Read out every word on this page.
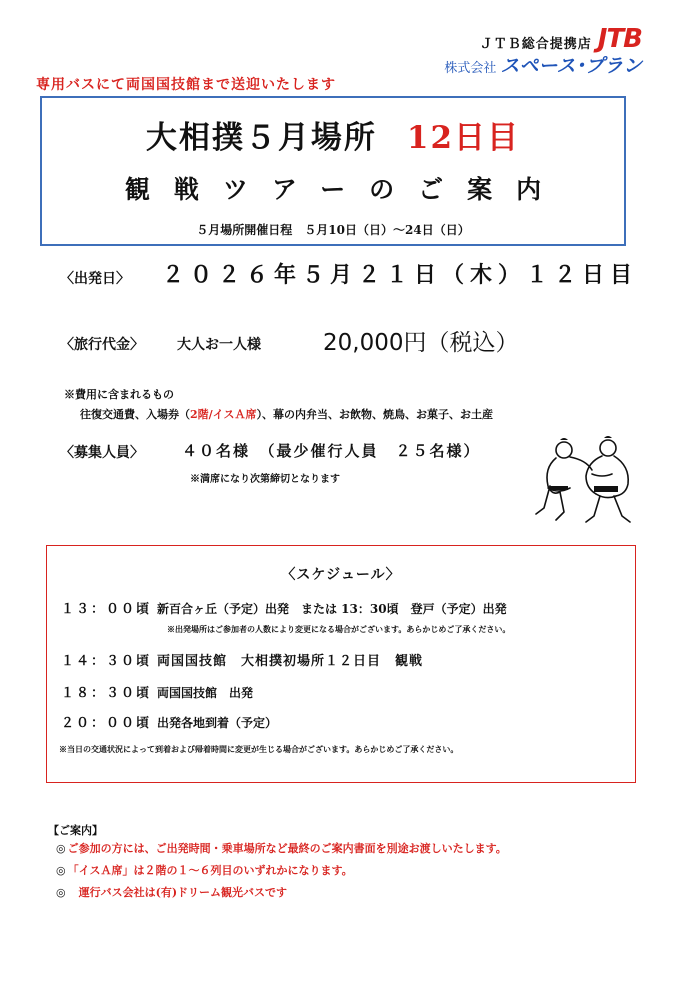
ＪＴＢ総合提携店 JTB
株式会社 スペース･プラン
専用バスにて両国国技館まで送迎いたします
大相撲５月場所 12日目
観戦ツアーのご案内
５月場所開催日程　５月10日（日）～24日（日）
〈出発日〉 ２０２６年５月２１日（木）１２日目
〈旅行代金〉 大人お一人様	20,000円（税込）
※費用に含まれるもの
往復交通費、入場券（2階/イスＡ席）、幕の内弁当、お飲物、焼鳥、お菓子、お土産
〈募集人員〉	４０名様　（最少催行人員　２５名様）
※満席になり次第締切となります
〈スケジュール〉
１３：００頃 新百合ヶ丘（予定）出発　または 13：30頃　登戸（予定）出発
※出発場所はご参加者の人数により変更になる場合がございます。あらかじめご了承ください。
１４：３０頃 両国国技館　大相撲初場所１２日目　観戦
１８：３０頃 両国国技館　出発
２０：００頃 出発各地到着（予定）
※当日の交通状況によって到着および帰着時間に変更が生じる場合がございます。あらかじめご了承ください。
【ご案内】
◎ ご参加の方には、ご出発時間・乗車場所など最終のご案内書面を別途お渡しいたします。
◎ 「イスＡ席」は２階の１～６列目のいずれかになります。
◎　運行バス会社は(有)ドリーム観光バスです
